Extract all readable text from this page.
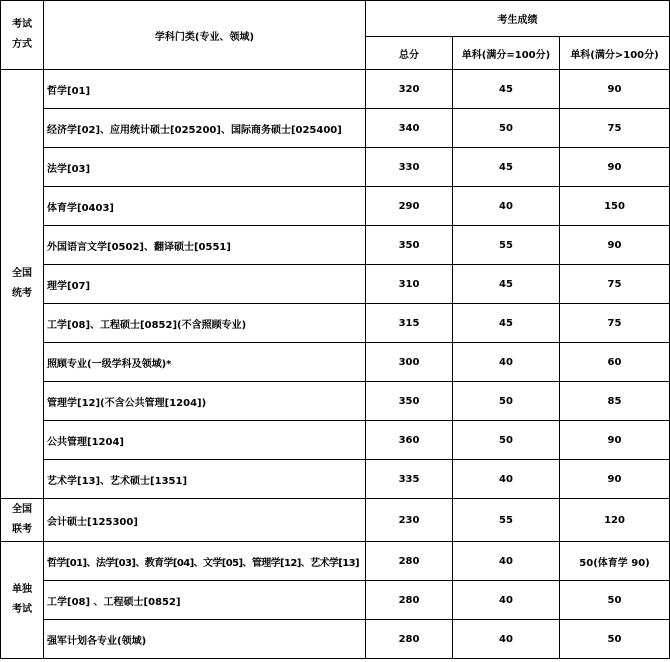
考试
方式	学科门类(专业、领域)	考生成绩		
		总分	单科(满分=100分)	单科(满分>100分)
全国
统考	哲学[01]	320	45	90
	经济学[02]、应用统计硕士[025200]、国际商务硕士[025400]	340	50	75
	法学[03]	330	45	90
	体育学[0403]	290	40	150
	外国语言文学[0502]、翻译硕士[0551]	350	55	90
	理学[07]	310	45	75
	工学[08]、工程硕士[0852](不含照顾专业)	315	45	75
	照顾专业(一级学科及领域)*	300	40	60
	管理学[12](不含公共管理[1204])	350	50	85
	公共管理[1204]	360	50	90
	艺术学[13]、艺术硕士[1351]	335	40	90
全国
联考	会计硕士[125300]	230	55	120
单独
考试	哲学[01]、法学[03]、教育学[04]、文学[05]、管理学[12]、艺术学[13]	280	40	50(体育学 90)
	工学[08] 、工程硕士[0852]	280	40	50
	强军计划各专业(领域)	280	40	50
